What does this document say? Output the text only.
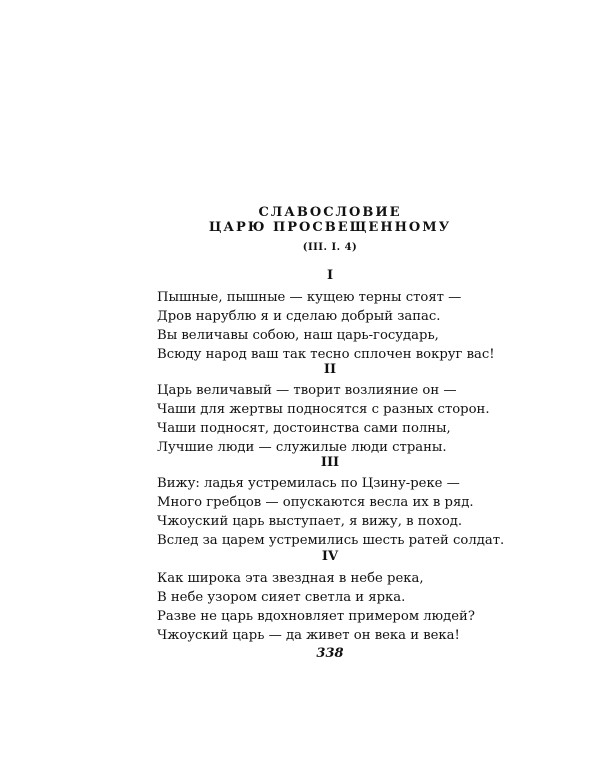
СЛАВОСЛОВИЕ
ЦАРЮ ПРОСВЕЩЕННОМУ
(III. I. 4)
I
Пышные, пышные — кущею терны стоят —
Дров нарублю я и сделаю добрый запас.
Вы величавы собою, наш царь-государь,
Всюду народ ваш так тесно сплочен вокруг вас!
II
Царь величавый — творит возлияние он —
Чаши для жертвы подносятся с разных сторон.
Чаши подносят, достоинства сами полны,
Лучшие люди — служилые люди страны.
III
Вижу: ладья устремилась по Цзину-реке —
Много гребцов — опускаются весла их в ряд.
Чжоуский царь выступает, я вижу, в поход.
Вслед за царем устремились шесть ратей солдат.
IV
Как широка эта звездная в небе река,
В небе узором сияет светла и ярка.
Разве не царь вдохновляет примером людей?
Чжоуский царь — да живет он века и века!
338
